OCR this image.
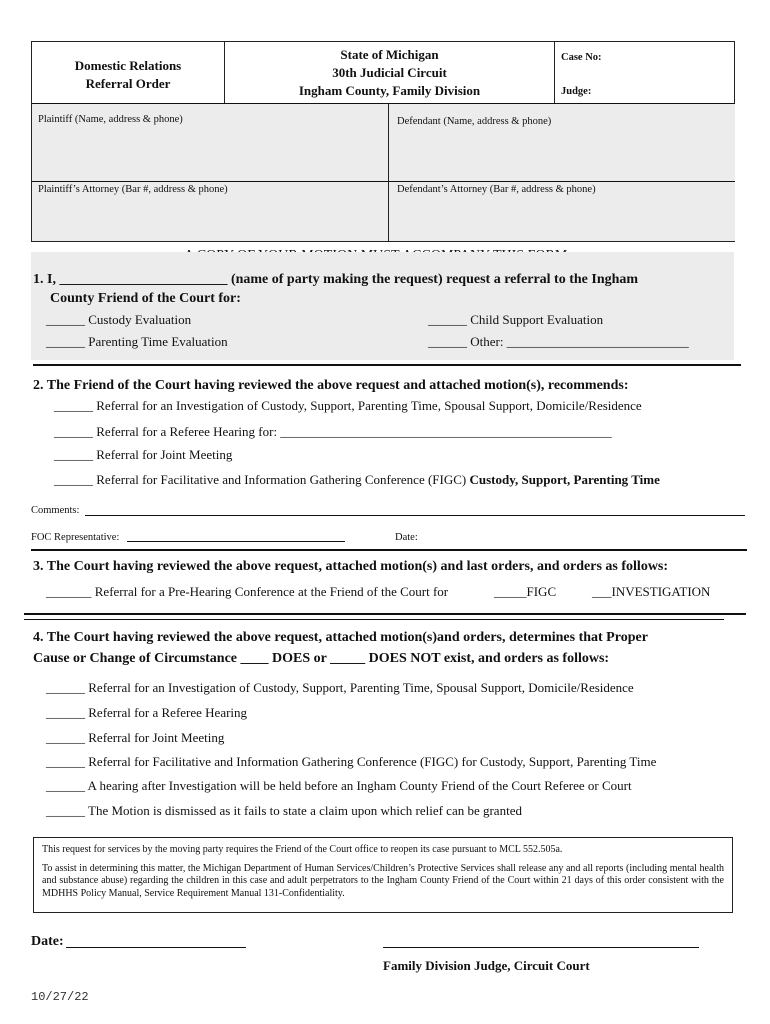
Domestic Relations
Referral Order
State of Michigan
30th Judicial Circuit
Ingham County, Family Division
Case No:
Judge:
Plaintiff (Name, address & phone)	Defendant (Name, address & phone)
Plaintiff’s Attorney (Bar #, address & phone)	Defendant’s Attorney (Bar #, address & phone)
1. I, ________________________ (name of party making the request) request a referral to the Ingham
County Friend of the Court for:
______ Custody Evaluation	______ Child Support Evaluation
______ Parenting Time Evaluation	______ Other: ____________________________
2. The Friend of the Court having reviewed the above request and attached motion(s), recommends:
______ Referral for an Investigation of Custody, Support, Parenting Time, Spousal Support, Domicile/Residence
______ Referral for a Referee Hearing for: ___________________________________________________
______ Referral for Joint Meeting
______ Referral for Facilitative and Information Gathering Conference (FIGC) Custody, Support, Parenting Time
Comments:
FOC Representative:	Date:
3. The Court having reviewed the above request, attached motion(s) and last orders, and orders as follows:
_______ Referral for a Pre-Hearing Conference at the Friend of the Court for	_____FIGC	___INVESTIGATION
4. The Court having reviewed the above request, attached motion(s)and orders, determines that Proper
Cause or Change of Circumstance ____ DOES or _____ DOES NOT exist, and orders as follows:
______ Referral for an Investigation of Custody, Support, Parenting Time, Spousal Support, Domicile/Residence
______ Referral for a Referee Hearing
______ Referral for Joint Meeting
______ Referral for Facilitative and Information Gathering Conference (FIGC) for Custody, Support, Parenting Time
______ A hearing after Investigation will be held before an Ingham County Friend of the Court Referee or Court
______ The Motion is dismissed as it fails to state a claim upon which relief can be granted
This request for services by the moving party requires the Friend of the Court office to reopen its case pursuant to MCL 552.505a.
To assist in determining this matter, the Michigan Department of Human Services/Children’s Protective Services shall release any and all reports (including mental health and substance abuse) regarding the children in this case and adult perpetrators to the Ingham County Friend of the Court within 21 days of this order consistent with the MDHHS Policy Manual, Service Requirement Manual 131-Confidentiality.
Date:
Family Division Judge, Circuit Court
10/27/22
